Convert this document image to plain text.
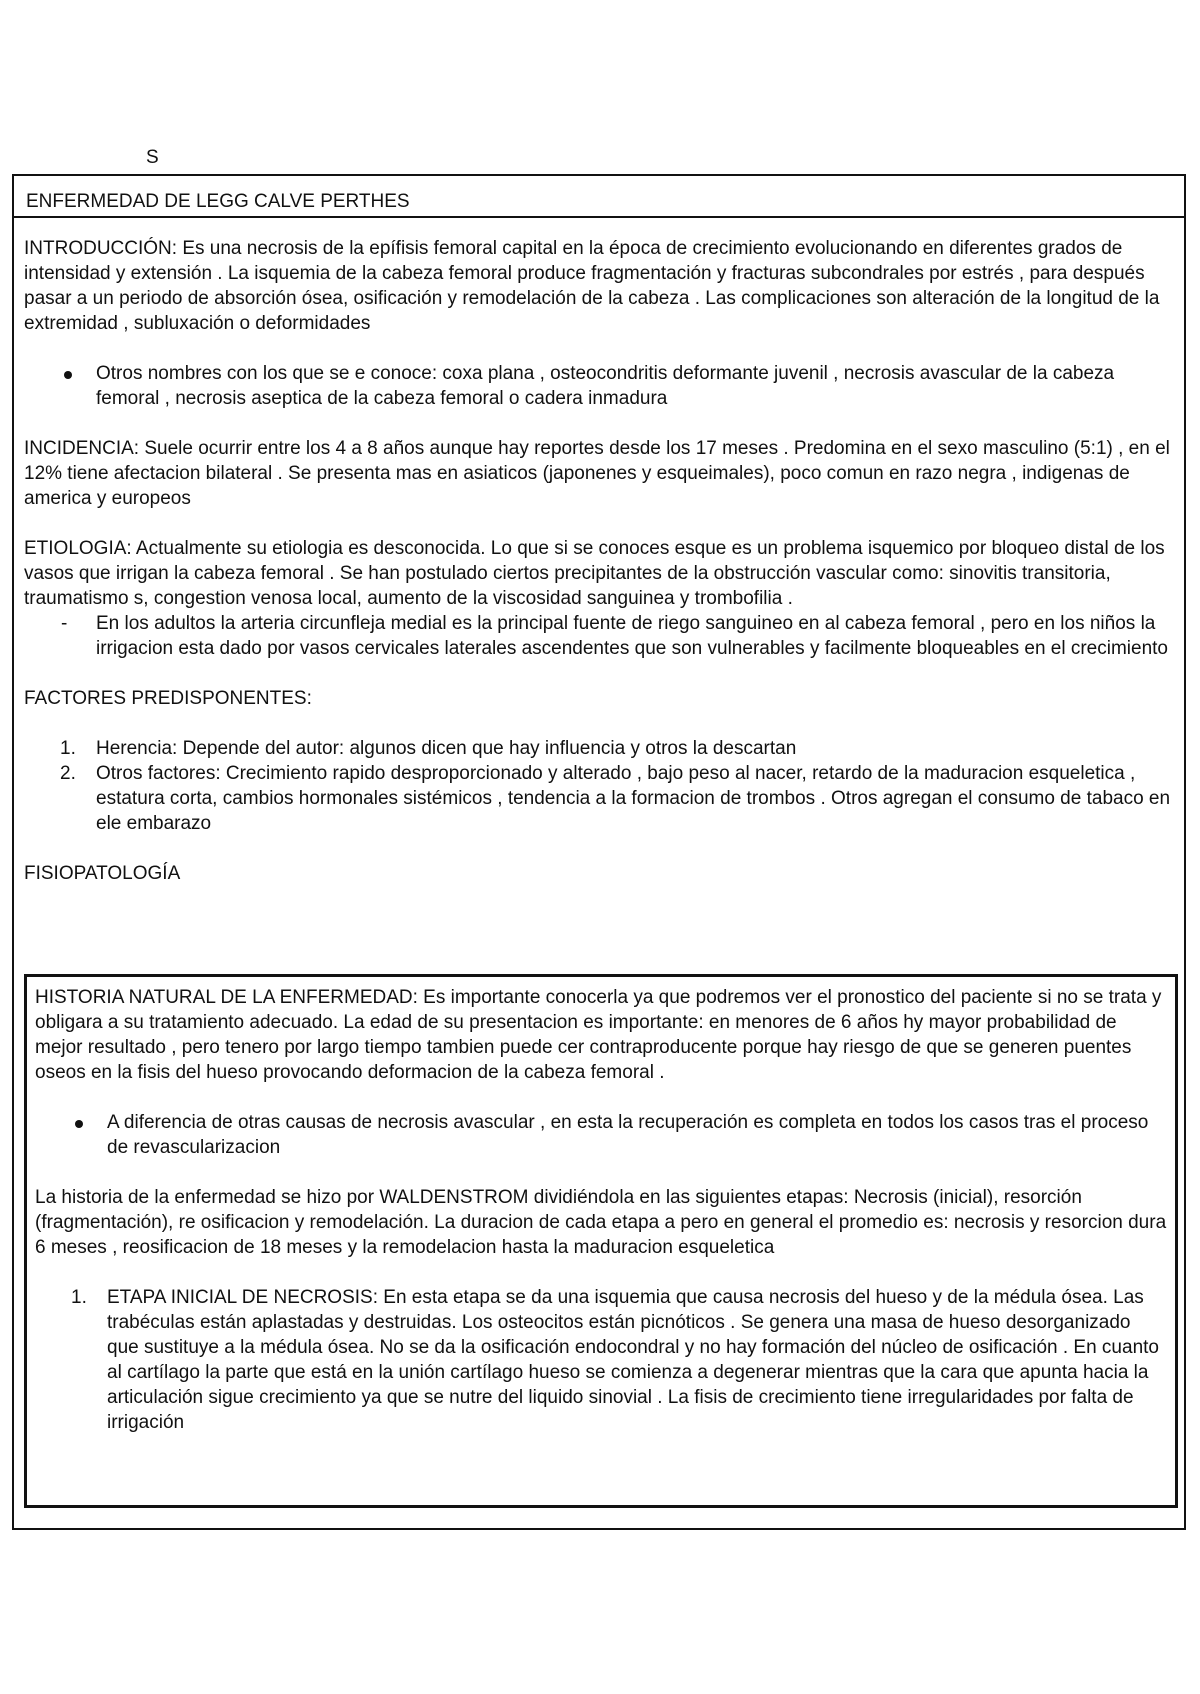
S
ENFERMEDAD DE LEGG CALVE PERTHES

INTRODUCCIÓN: Es una necrosis de la epífisis femoral capital en la época de crecimiento evolucionando en diferentes grados de intensidad y extensión . La isquemia de la cabeza femoral produce fragmentación y fracturas subcondrales por estrés , para después pasar a un periodo de absorción ósea, osificación y remodelación de la cabeza . Las complicaciones son alteración de la longitud de la extremidad , subluxación o deformidades

Otros nombres con los que se e conoce: coxa plana , osteocondritis deformante juvenil , necrosis avascular de la cabeza femoral , necrosis aseptica de la cabeza femoral o cadera inmadura

INCIDENCIA: Suele ocurrir entre los 4 a 8 años aunque hay reportes desde los 17 meses . Predomina en el sexo masculino (5:1) , en el 12% tiene afectacion bilateral . Se presenta mas en asiaticos (japonenes y esqueimales), poco comun en razo negra , indigenas de america y europeos

ETIOLOGIA: Actualmente su etiologia es desconocida. Lo que si se conoces esque es un problema isquemico por bloqueo distal de los vasos que irrigan la cabeza femoral . Se han postulado ciertos precipitantes de la obstrucción vascular como: sinovitis transitoria, traumatismo s, congestion venosa local, aumento de la viscosidad sanguinea y trombofilia .

- En los adultos la arteria circunfleja medial es la principal fuente de riego sanguineo en al cabeza femoral , pero en los niños la irrigacion esta dado por vasos cervicales laterales ascendentes que son vulnerables y facilmente bloqueables en el crecimiento

FACTORES PREDISPONENTES:

1. Herencia: Depende del autor: algunos dicen que hay influencia y otros la descartan
2. Otros factores: Crecimiento rapido desproporcionado y alterado , bajo peso al nacer, retardo de la maduracion esqueletica , estatura corta, cambios hormonales sistémicos , tendencia a la formacion de trombos . Otros agregan el consumo de tabaco en ele embarazo

FISIOPATOLOGÍA

HISTORIA NATURAL DE LA ENFERMEDAD: Es importante conocerla ya que podremos ver el pronostico del paciente si no se trata y obligara a su tratamiento adecuado. La edad de su presentacion es importante: en menores de 6 años hy mayor probabilidad de mejor resultado , pero tenero por largo tiempo tambien puede cer contraproducente porque hay riesgo de que se generen puentes oseos en la fisis del hueso provocando deformacion de la cabeza femoral .

A diferencia de otras causas de necrosis avascular , en esta la recuperación es completa en todos los casos tras el proceso de revascularizacion

La historia de la enfermedad se hizo por WALDENSTROM dividiéndola en las siguientes etapas: Necrosis (inicial), resorción (fragmentación), re osificacion y remodelación. La duracion de cada etapa a pero en general el promedio es: necrosis y resorcion dura 6 meses , reosificacion de 18 meses y la remodelacion hasta la maduracion esqueletica

1. ETAPA INICIAL DE NECROSIS: En esta etapa se da una isquemia que causa necrosis del hueso y de la médula ósea. Las trabéculas están aplastadas y destruidas. Los osteocitos están picnóticos . Se genera una masa de hueso desorganizado que sustituye a la médula ósea. No se da la osificación endocondral y no hay formación del núcleo de osificación . En cuanto al cartílago la parte que está en la unión cartílago hueso se comienza a degenerar mientras que la cara que apunta hacia la articulación sigue crecimiento ya que se nutre del liquido sinovial . La fisis de crecimiento tiene irregularidades por falta de irrigación
